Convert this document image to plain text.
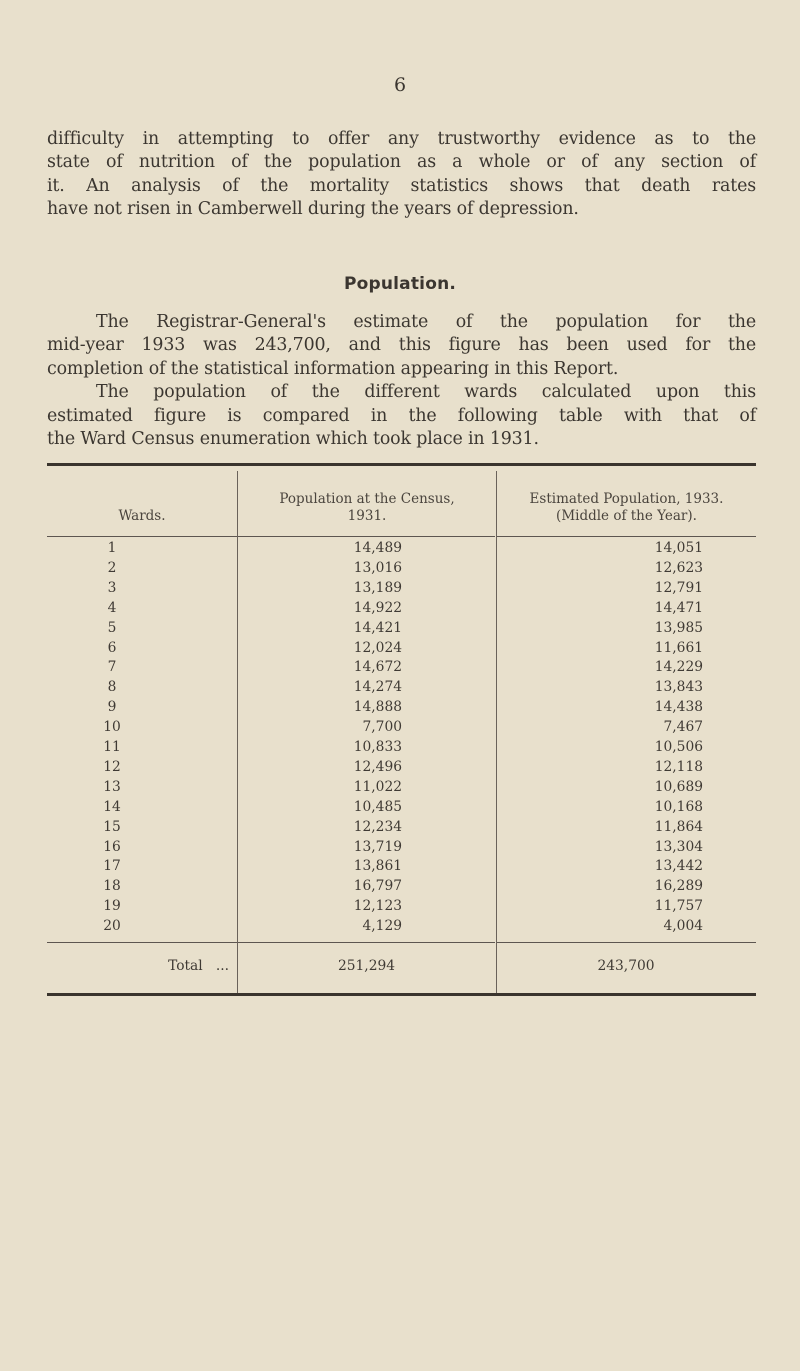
6
difficulty in attempting to offer any trustworthy evidence as to the
state of nutrition of the population as a whole or of any section of
it. An analysis of the mortality statistics shows that death rates
have not risen in Camberwell during the years of depression.
Population.
The Registrar-General's estimate of the population for the
mid-year 1933 was 243,700, and this figure has been used for the
completion of the statistical information appearing in this Report.
The population of the different wards calculated upon this
estimated figure is compared in the following table with that of
the Ward Census enumeration which took place in 1931.
Wards.
Population at the Census,
1931.
Estimated Population, 1933.
(Middle of the Year).
1	14,489	14,051
2	13,016	12,623
3	13,189	12,791
4	14,922	14,471
5	14,421	13,985
6	12,024	11,661
7	14,672	14,229
8	14,274	13,843
9	14,888	14,438
10	7,700	7,467
11	10,833	10,506
12	12,496	12,118
13	11,022	10,689
14	10,485	10,168
15	12,234	11,864
16	13,719	13,304
17	13,861	13,442
18	16,797	16,289
19	12,123	11,757
20	4,129	4,004
Total   ...	251,294	243,700
